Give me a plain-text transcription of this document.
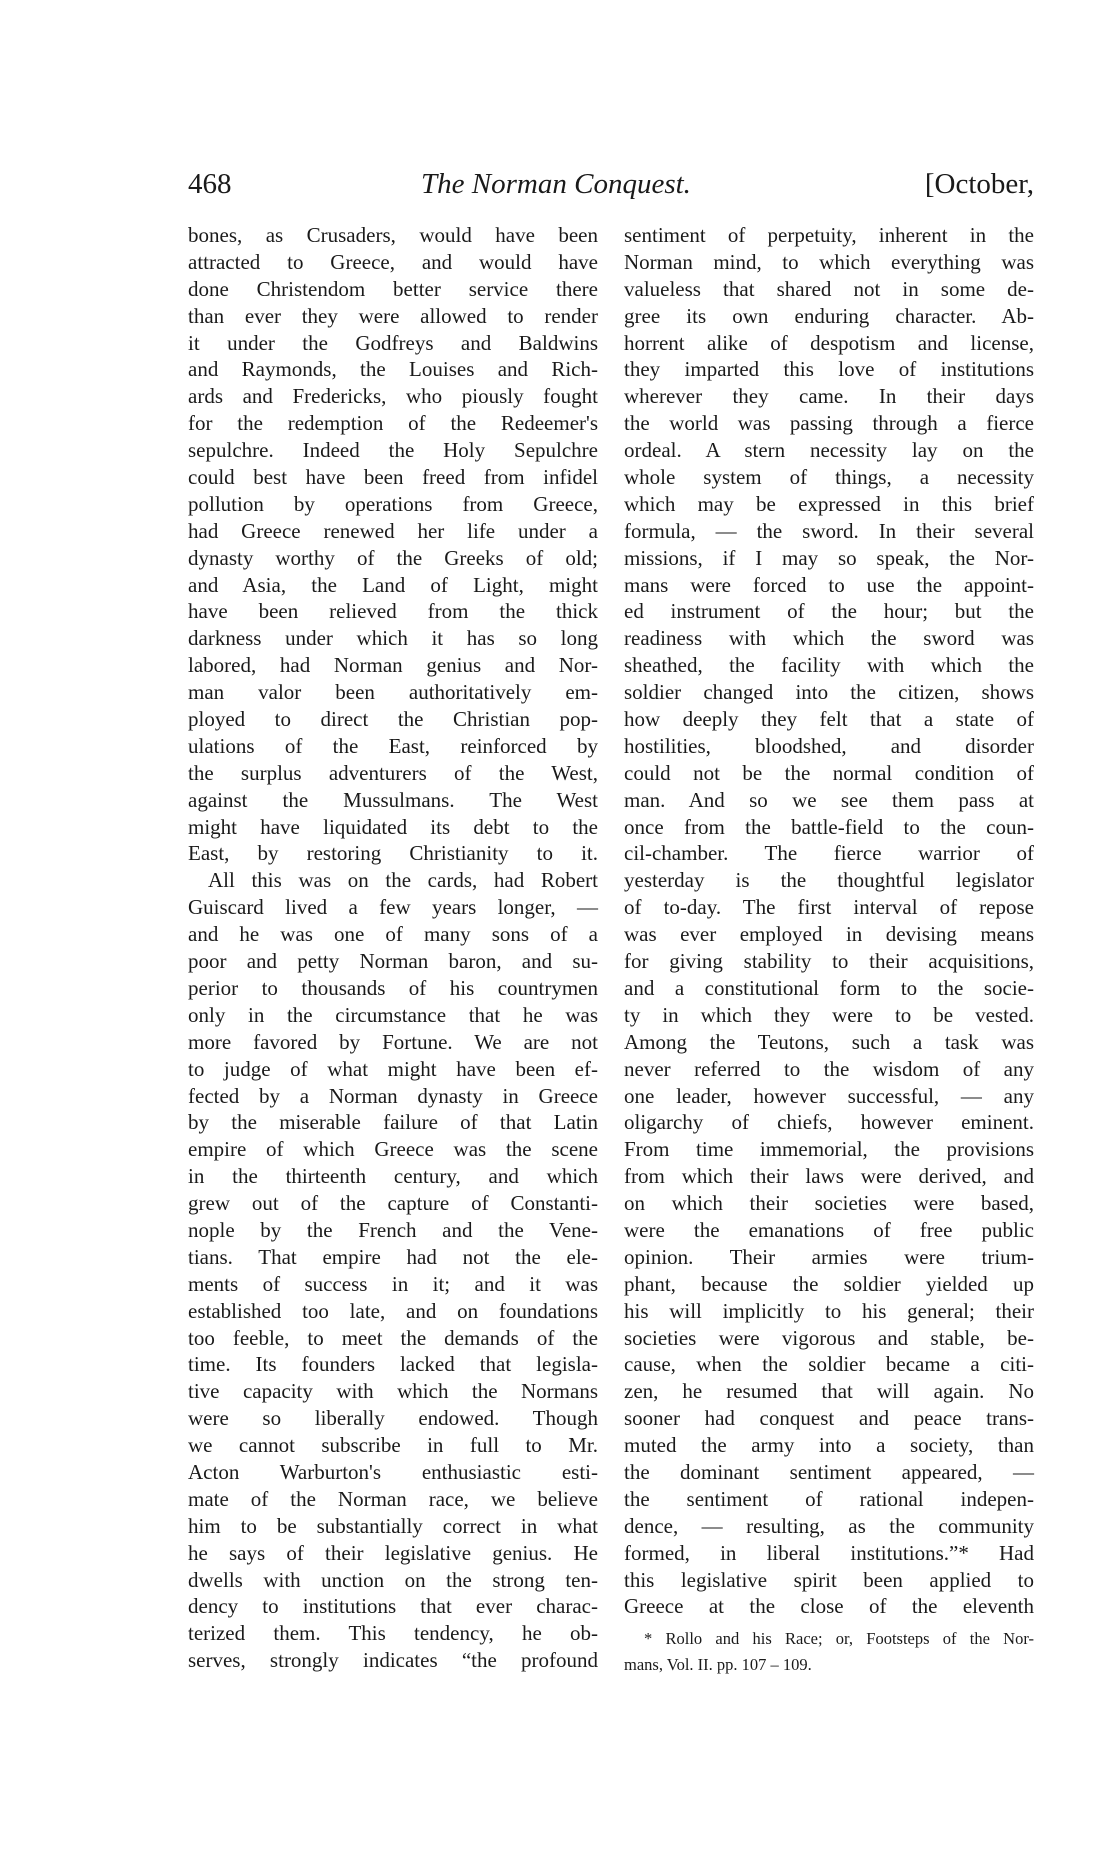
468	The Norman Conquest.	[October,
bones, as Crusaders, would have been
attracted to Greece, and would have
done Christendom better service there
than ever they were allowed to render
it under the Godfreys and Baldwins
and Raymonds, the Louises and Rich-
ards and Fredericks, who piously fought
for the redemption of the Redeemer's
sepulchre. Indeed the Holy Sepulchre
could best have been freed from infidel
pollution by operations from Greece,
had Greece renewed her life under a
dynasty worthy of the Greeks of old;
and Asia, the Land of Light, might
have been relieved from the thick
darkness under which it has so long
labored, had Norman genius and Nor-
man valor been authoritatively em-
ployed to direct the Christian pop-
ulations of the East, reinforced by
the surplus adventurers of the West,
against the Mussulmans. The West
might have liquidated its debt to the
East, by restoring Christianity to it.
All this was on the cards, had Robert
Guiscard lived a few years longer, —
and he was one of many sons of a
poor and petty Norman baron, and su-
perior to thousands of his countrymen
only in the circumstance that he was
more favored by Fortune. We are not
to judge of what might have been ef-
fected by a Norman dynasty in Greece
by the miserable failure of that Latin
empire of which Greece was the scene
in the thirteenth century, and which
grew out of the capture of Constanti-
nople by the French and the Vene-
tians. That empire had not the ele-
ments of success in it; and it was
established too late, and on foundations
too feeble, to meet the demands of the
time. Its founders lacked that legisla-
tive capacity with which the Normans
were so liberally endowed. Though
we cannot subscribe in full to Mr.
Acton Warburton's enthusiastic esti-
mate of the Norman race, we believe
him to be substantially correct in what
he says of their legislative genius. He
dwells with unction on the strong ten-
dency to institutions that ever charac-
terized them. This tendency, he ob-
serves, strongly indicates “the profound
sentiment of perpetuity, inherent in the
Norman mind, to which everything was
valueless that shared not in some de-
gree its own enduring character. Ab-
horrent alike of despotism and license,
they imparted this love of institutions
wherever they came. In their days
the world was passing through a fierce
ordeal. A stern necessity lay on the
whole system of things, a necessity
which may be expressed in this brief
formula, — the sword. In their several
missions, if I may so speak, the Nor-
mans were forced to use the appoint-
ed instrument of the hour; but the
readiness with which the sword was
sheathed, the facility with which the
soldier changed into the citizen, shows
how deeply they felt that a state of
hostilities, bloodshed, and disorder
could not be the normal condition of
man. And so we see them pass at
once from the battle-field to the coun-
cil-chamber. The fierce warrior of
yesterday is the thoughtful legislator
of to-day. The first interval of repose
was ever employed in devising means
for giving stability to their acquisitions,
and a constitutional form to the socie-
ty in which they were to be vested.
Among the Teutons, such a task was
never referred to the wisdom of any
one leader, however successful, — any
oligarchy of chiefs, however eminent.
From time immemorial, the provisions
from which their laws were derived, and
on which their societies were based,
were the emanations of free public
opinion. Their armies were trium-
phant, because the soldier yielded up
his will implicitly to his general; their
societies were vigorous and stable, be-
cause, when the soldier became a citi-
zen, he resumed that will again. No
sooner had conquest and peace trans-
muted the army into a society, than
the dominant sentiment appeared, —
the sentiment of rational indepen-
dence, — resulting, as the community
formed, in liberal institutions.”* Had
this legislative spirit been applied to
Greece at the close of the eleventh
* Rollo and his Race; or, Footsteps of the Nor-
mans, Vol. II. pp. 107 – 109.
